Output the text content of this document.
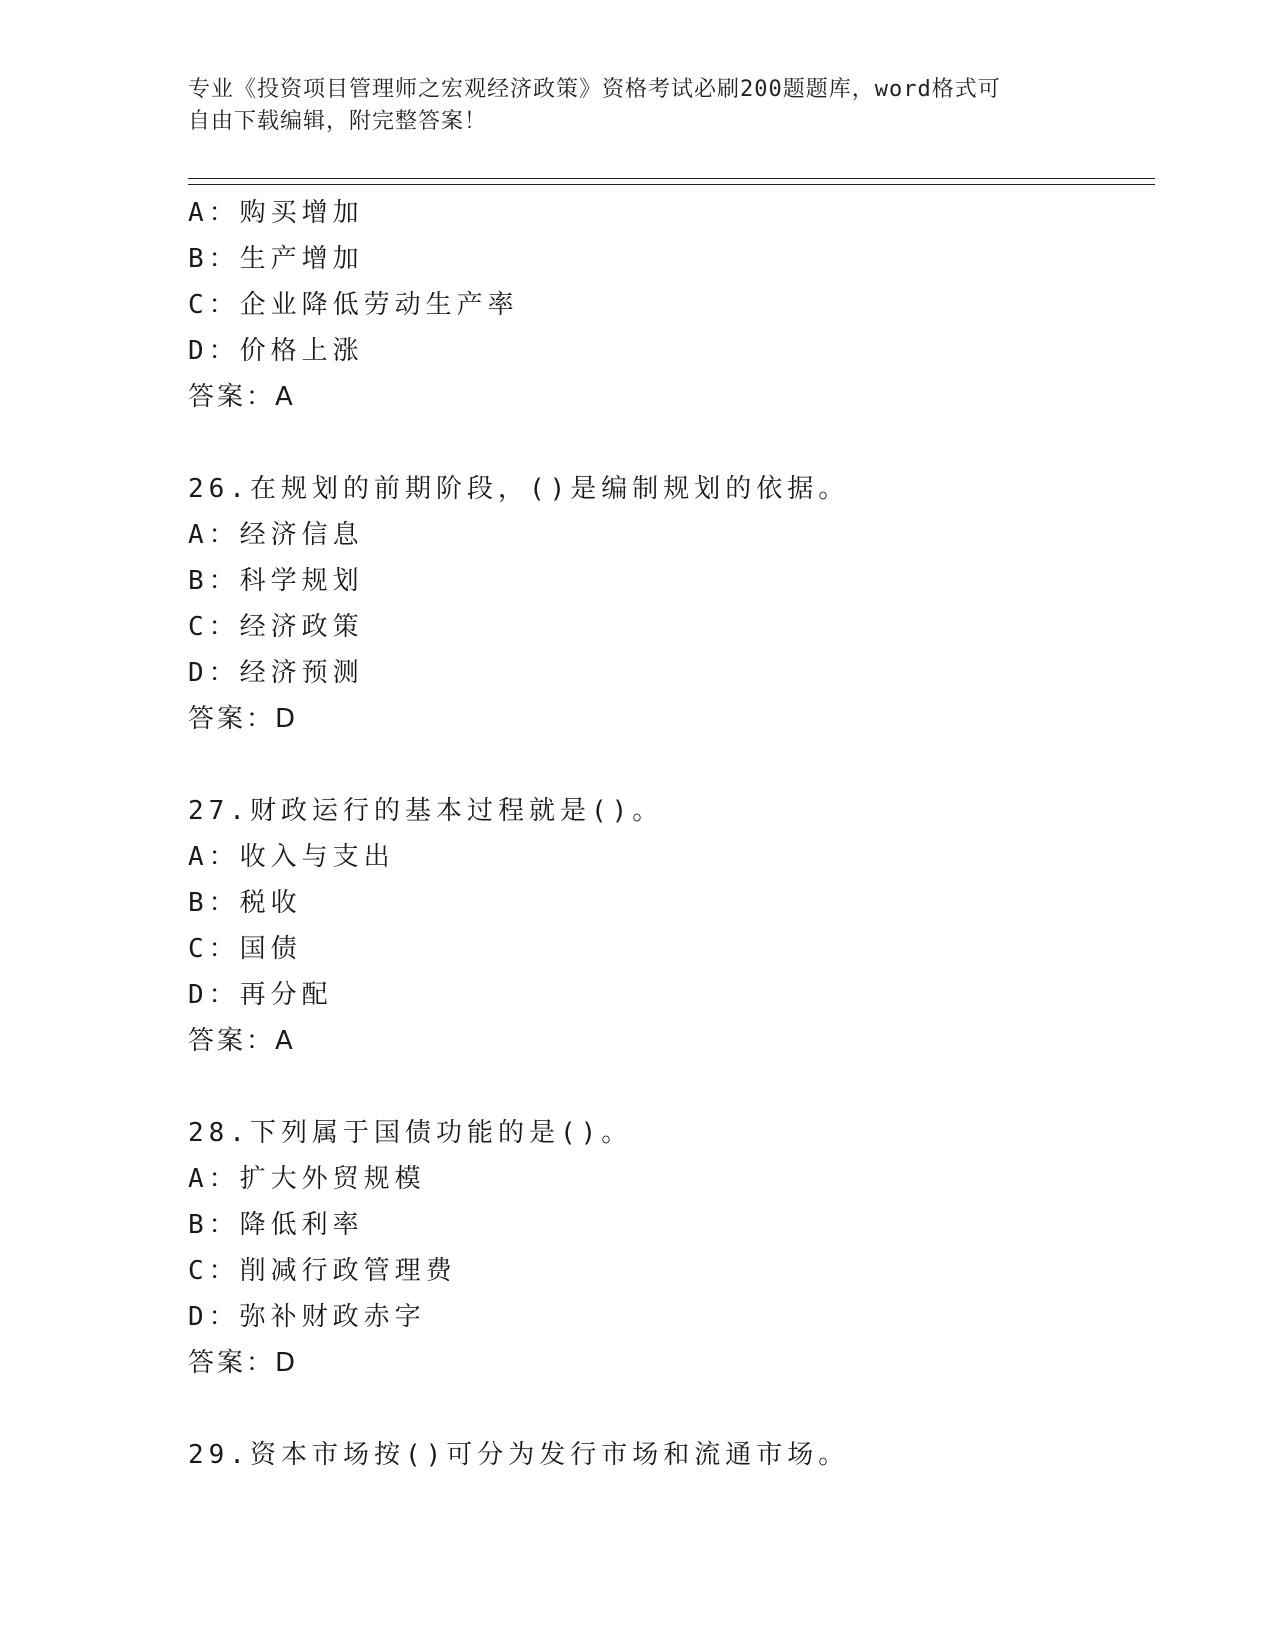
专业《投资项目管理师之宏观经济政策》资格考试必刷200题题库，word格式可
自由下载编辑，附完整答案！
A：购买增加
B：生产增加
C：企业降低劳动生产率
D：价格上涨
答案：A
26.在规划的前期阶段，()是编制规划的依据。
A：经济信息
B：科学规划
C：经济政策
D：经济预测
答案：D
27.财政运行的基本过程就是()。
A：收入与支出
B：税收
C：国债
D：再分配
答案：A
28.下列属于国债功能的是()。
A：扩大外贸规模
B：降低利率
C：削减行政管理费
D：弥补财政赤字
答案：D
29.资本市场按()可分为发行市场和流通市场。
